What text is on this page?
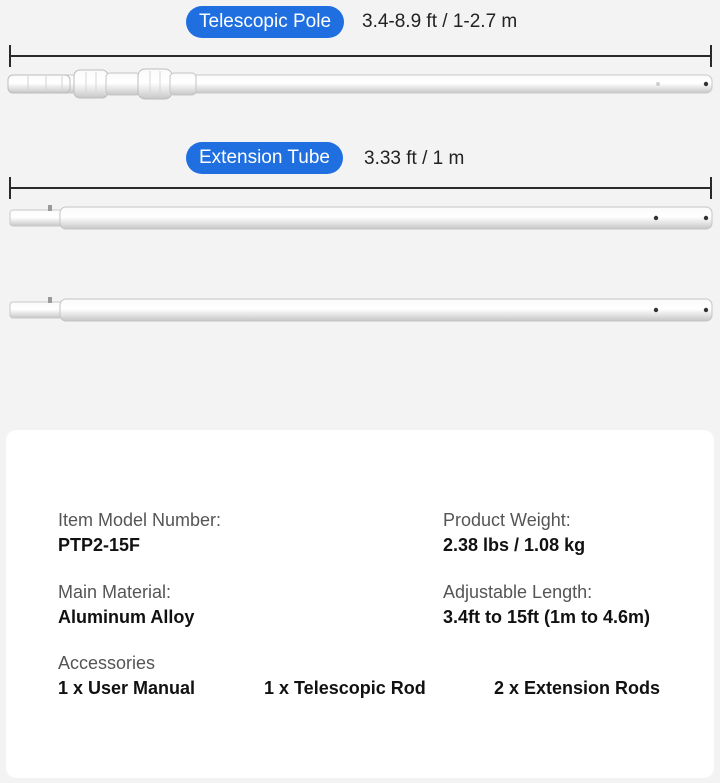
Telescopic Pole	3.4-8.9 ft / 1-2.7 m
Extension Tube	3.33 ft / 1 m
Item Model Number:
PTP2-15F
Product Weight:
2.38 lbs / 1.08 kg
Main Material:
Aluminum Alloy
Adjustable Length:
3.4ft to 15ft (1m to 4.6m)
Accessories
1 x User Manual	1 x Telescopic Rod	2 x Extension Rods
